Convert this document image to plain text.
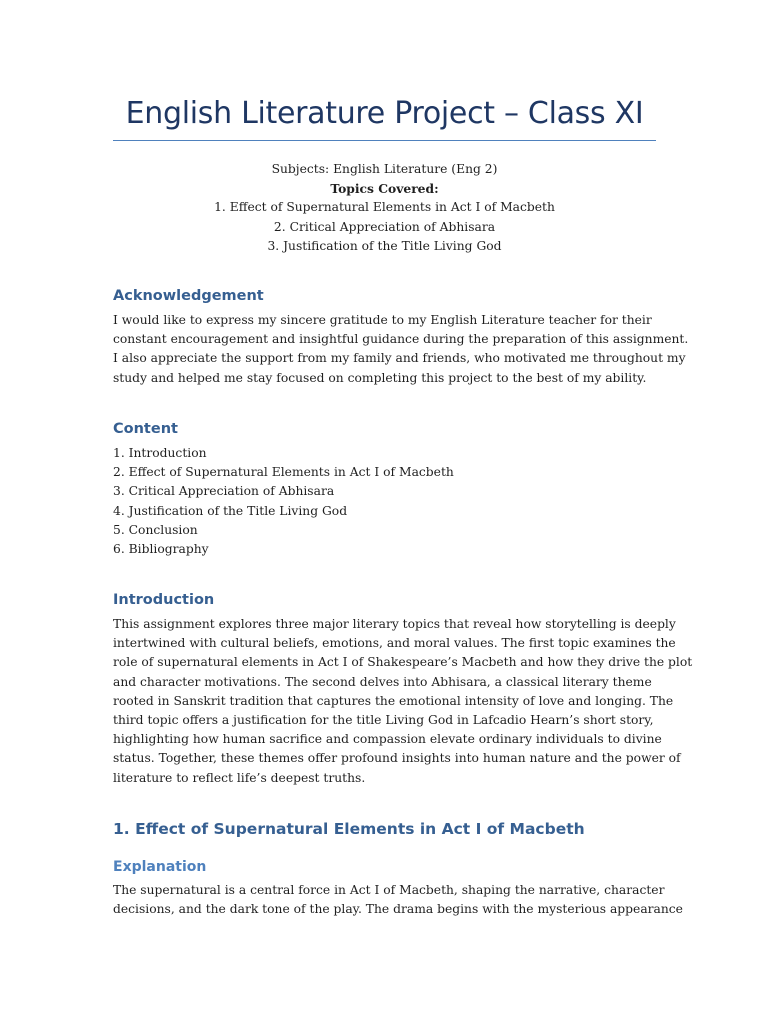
English Literature Project – Class XI
Subjects: English Literature (Eng 2)
Topics Covered:
1. Effect of Supernatural Elements in Act I of Macbeth
2. Critical Appreciation of Abhisara
3. Justification of the Title Living God
Acknowledgement
I would like to express my sincere gratitude to my English Literature teacher for their
constant encouragement and insightful guidance during the preparation of this assignment.
I also appreciate the support from my family and friends, who motivated me throughout my
study and helped me stay focused on completing this project to the best of my ability.
Content
1. Introduction
2. Effect of Supernatural Elements in Act I of Macbeth
3. Critical Appreciation of Abhisara
4. Justification of the Title Living God
5. Conclusion
6. Bibliography
Introduction
This assignment explores three major literary topics that reveal how storytelling is deeply
intertwined with cultural beliefs, emotions, and moral values. The first topic examines the
role of supernatural elements in Act I of Shakespeare’s Macbeth and how they drive the plot
and character motivations. The second delves into Abhisara, a classical literary theme
rooted in Sanskrit tradition that captures the emotional intensity of love and longing. The
third topic offers a justification for the title Living God in Lafcadio Hearn’s short story,
highlighting how human sacrifice and compassion elevate ordinary individuals to divine
status. Together, these themes offer profound insights into human nature and the power of
literature to reflect life’s deepest truths.
1. Effect of Supernatural Elements in Act I of Macbeth
Explanation
The supernatural is a central force in Act I of Macbeth, shaping the narrative, character
decisions, and the dark tone of the play. The drama begins with the mysterious appearance
